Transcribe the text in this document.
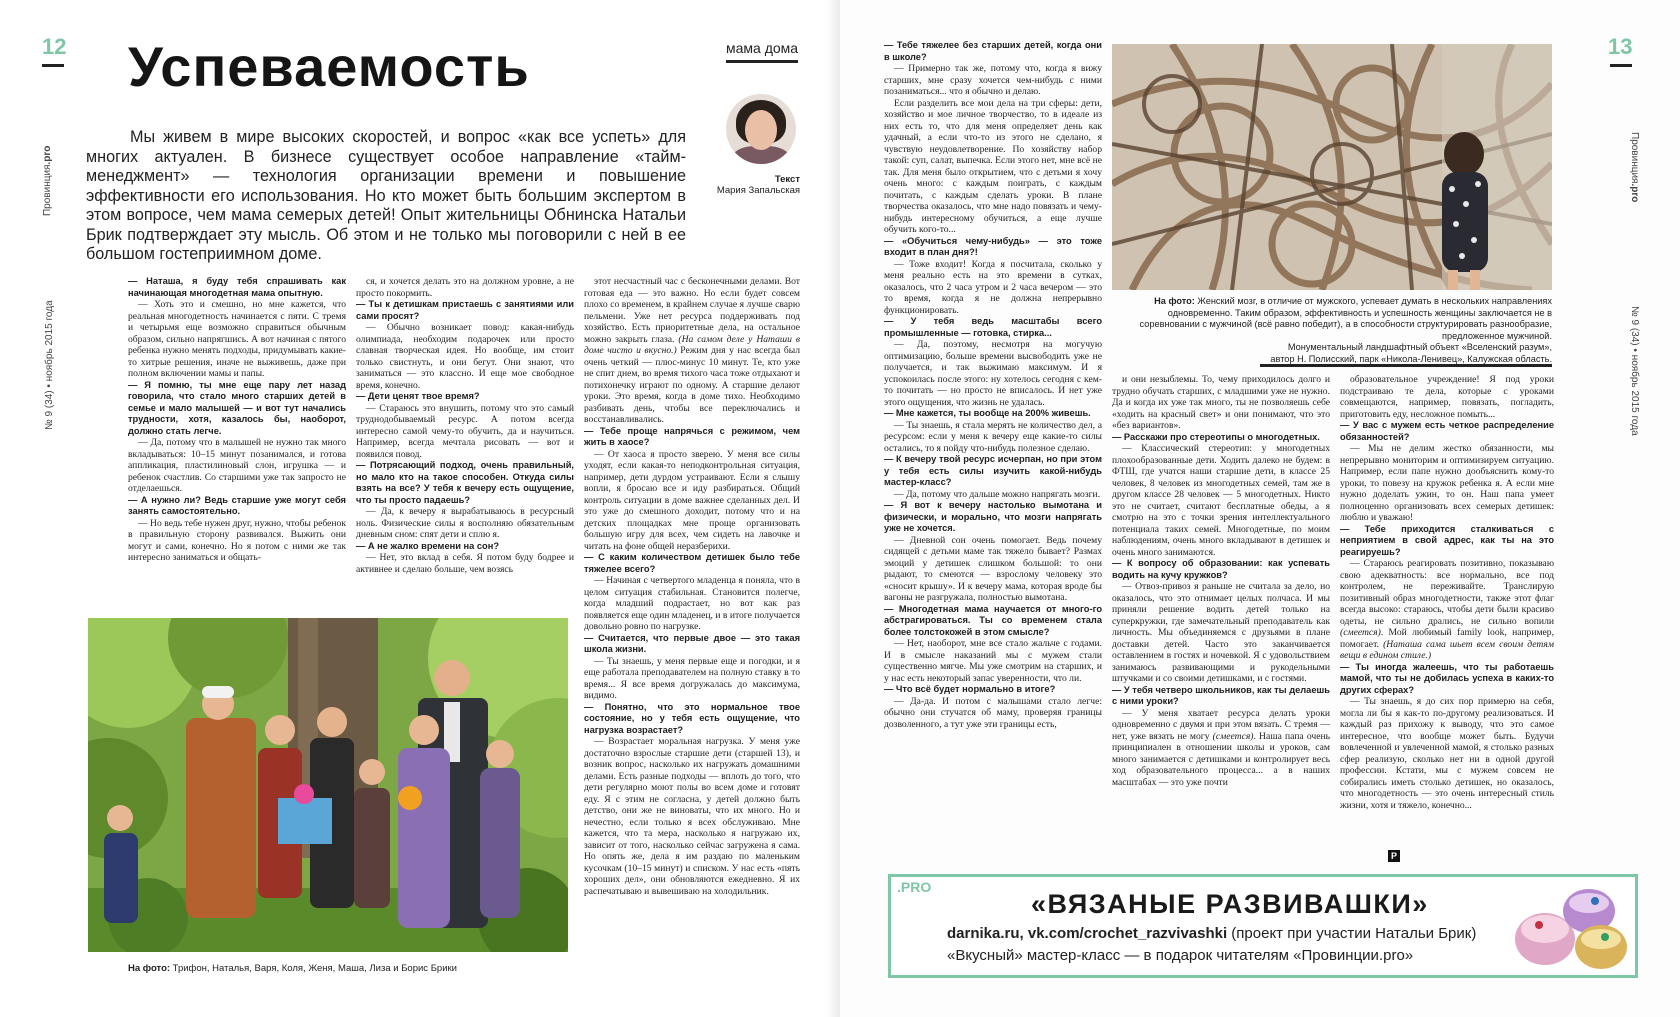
12
Провинция.pro
№ 9 (34) • ноябрь 2015 года
Успеваемость	мама дома
Текст
Мария Запальская
Мы живем в мире высоких скоростей, и вопрос «как все успеть» для многих актуален. В бизнесе существует особое направление «тайм-менеджмент» — технология организации времени и повышение эффективности его использования. Но кто может быть большим экспертом в этом вопросе, чем мама семерых детей! Опыт жительницы Обнинска Натальи Брик подтверждает эту мысль. Об этом и не только мы поговорили с ней в ее большом гостеприимном доме.

— Наташа, я буду тебя спрашивать как начинающая многодетная мама опытную.

— Хоть это и смешно, но мне кажется, что реальная многодетность начинается с пяти. С тремя и четырьмя еще возможно справиться обычным образом, сильно напрягшись. А вот начиная с пятого ребенка нужно менять подходы, придумывать какие-то хитрые решения, иначе не выживешь, даже при полном включении мамы и папы.

— Я помню, ты мне еще пару лет назад говорила, что стало много старших детей в семье и мало малышей — и вот тут начались трудности, хотя, казалось бы, наоборот, должно стать легче.

— Да, потому что в малышей не нужно так много вкладываться: 10–15 минут позанимался, и готова аппликация, пластилиновый слон, игрушка — и ребенок счастлив. Со старшими уже так запросто не отделаешься.

— А нужно ли? Ведь старшие уже могут себя занять самостоятельно.

— Но ведь тебе нужен друг, нужно, чтобы ребенок в правильную сторону развивался. Выжить они могут и сами, конечно. Но я потом с ними же так интересно заниматься и общать-

ся, и хочется делать это на должном уровне, а не просто покормить.

— Ты к детишкам пристаешь с занятиями или сами просят?

— Обычно возникает повод: какая-нибудь олимпиада, необходим подарочек или просто славная творческая идея. Но вообще, им стоит только свистнуть, и они бегут. Они знают, что заниматься — это классно. И еще мое свободное время, конечно.

— Дети ценят твое время?

— Стараюсь это внушить, потому что это самый труднодобываемый ресурс. А потом всегда интересно самой чему-то обучить, да и научиться. Например, всегда мечтала рисовать — вот и появился повод.

— Потрясающий подход, очень правильный, но мало кто на такое способен. Откуда силы взять на все? У тебя к вечеру есть ощущение, что ты просто падаешь?

— Да, к вечеру я вырабатываюсь в ресурсный ноль. Физические силы я восполняю обязательным дневным сном: спят дети и сплю я.

— А не жалко времени на сон?

— Нет, это вклад в себя. Я потом буду бодрее и активнее и сделаю больше, чем возясь

этот несчастный час с бесконечными делами. Вот готовая еда — это важно. Но если будет совсем плохо со временем, в крайнем случае я лучше сварю пельмени. Уже нет ресурса поддерживать под хозяйство. Есть приоритетные дела, на остальное можно закрыть глаза. (На самом деле у Наташи в доме чисто и вкусно.) Режим дня у нас всегда был очень четкий — плюс-минус 10 минут. Те, кто уже не спит днем, во время тихого часа тоже отдыхают и потихонечку играют по одному. А старшие делают уроки. Это время, когда в доме тихо. Необходимо разбивать день, чтобы все переключались и восстанавливались.

— Тебе проще напрячься с режимом, чем жить в хаосе?

— От хаоса я просто зверею. У меня все силы уходят, если какая-то неподконтрольная ситуация, например, дети дурдом устраивают. Если я слышу вопли, я бросаю все и иду разбираться. Общий контроль ситуации в доме важнее сделанных дел. И это уже до смешного доходит, потому что и на детских площадках мне проще организовать большую игру для всех, чем сидеть на лавочке и читать на фоне общей неразберихи.

— С каким количеством детишек было тебе тяжелее всего?

— Начиная с четвертого младенца я поняла, что в целом ситуация стабильная. Становится полегче, когда младший подрастает, но вот как раз появляется еще один младенец, и в итоге получается довольно ровно по нагрузке.

— Считается, что первые двое — это такая школа жизни.

— Ты знаешь, у меня первые еще и погодки, и я еще работала преподавателем на полную ставку в то время... Я все время догружалась до максимума, видимо.

— Понятно, что это нормальное твое состояние, но у тебя есть ощущение, что нагрузка возрастает?

— Возрастает моральная нагрузка. У меня уже достаточно взрослые старшие дети (старшей 13), и возник вопрос, насколько их нагружать домашними делами. Есть разные подходы — вплоть до того, что дети регулярно моют полы во всем доме и готовят еду. Я с этим не согласна, у детей должно быть детство, они же не виноваты, что их много. Но и нечестно, если только я всех обслуживаю. Мне кажется, что та мера, насколько я нагружаю их, зависит от того, насколько сейчас загружена я сама. Но опять же, дела я им раздаю по маленьким кусочкам (10–15 минут) и списком. У нас есть «пять хороших дел», они обновляются ежедневно. Я их распечатываю и вывешиваю на холодильник.

На фото: Трифон, Наталья, Варя, Коля, Женя, Маша, Лиза и Борис Брики
13
Провинция.pro
№ 9 (34) • ноябрь 2015 года

— Тебе тяжелее без старших детей, когда они в школе?

— Примерно так же, потому что, когда я вижу старших, мне сразу хочется чем-нибудь с ними позаниматься... что я обычно и делаю.

Если разделить все мои дела на три сферы: дети, хозяйство и мое личное творчество, то в идеале из них есть то, что для меня определяет день как удачный, а если что-то из этого не сделано, я чувствую неудовлетворение. По хозяйству набор такой: суп, салат, выпечка. Если этого нет, мне всё не так. Для меня было открытием, что с детьми я хочу очень много: с каждым поиграть, с каждым почитать, с каждым сделать уроки. В плане творчества оказалось, что мне надо повязать и чему-нибудь интересному обучиться, а еще лучше обучить кого-то...

— «Обучиться чему-нибудь» — это тоже входит в план дня?!

— Тоже входит! Когда я посчитала, сколько у меня реально есть на это времени в сутках, оказалось, что 2 часа утром и 2 часа вечером — это то время, когда я не должна непрерывно функционировать.

— У тебя ведь масштабы всего промышленные — готовка, стирка...

— Да, поэтому, несмотря на могучую оптимизацию, больше времени высвободить уже не получается, и так выжимаю максимум. И я успокоилась после этого: ну хотелось сегодня с кем-то почитать — но просто не вписалось. И нет уже этого ощущения, что жизнь не удалась.

— Мне кажется, ты вообще на 200% живешь.

— Ты знаешь, я стала мерять не количество дел, а ресурсом: если у меня к вечеру еще какие-то силы остались, то я пойду что-нибудь полезное сделаю.

— К вечеру твой ресурс исчерпан, но при этом у тебя есть силы изучить какой-нибудь мастер-класс?

— Да, потому что дальше можно напрягать мозги.

— Я вот к вечеру настолько вымотана и физически, и морально, что мозги напрягать уже не хочется.

— Дневной сон очень помогает. Ведь почему сидящей с детьми маме так тяжело бывает? Размах эмоций у детишек слишком большой: то они рыдают, то смеются — взрослому человеку это «сносит крышу». И к вечеру мама, которая вроде бы вагоны не разгружала, полностью вымотана.

— Многодетная мама научается от много-го абстрагироваться. Ты со временем стала более толстокожей в этом смысле?

— Нет, наоборот, мне все стало жальче с годами. И в смысле наказаний мы с мужем стали существенно мягче. Мы уже смотрим на старших, и у нас есть некоторый запас уверенности, что ли.

— Что всё будет нормально в итоге?

— Да-да. И потом с малышами стало легче: обычно они стучатся об маму, проверяя границы дозволенного, а тут уже эти границы есть,

и они незыблемы. То, чему приходилось долго и трудно обучать старших, с младшими уже не нужно. Да и когда их уже так много, ты не позволяешь себе «ходить на красный свет» и они понимают, что это «без вариантов».

— Расскажи про стереотипы о многодетных.

— Классический стереотип: у многодетных плохообразованные дети. Ходить далеко не будем: в ФТШ, где учатся наши старшие дети, в классе 25 человек, 8 человек из многодетных семей, там же в другом классе 28 человек — 5 многодетных. Никто это не считает, считают бесплатные обеды, а я смотрю на это с точки зрения интеллектуального потенциала таких семей. Многодетные, по моим наблюдениям, очень много вкладывают в детишек и очень много занимаются.

— К вопросу об образовании: как успевать водить на кучу кружков?

— Отвоз-привоз я раньше не считала за дело, но оказалось, что это отнимает целых полчаса. И мы приняли решение водить детей только на суперкружки, где замечательный преподаватель как личность. Мы объединяемся с друзьями в плане доставки детей. Часто это заканчивается оставлением в гостях и ночевкой. Я с удовольствием занимаюсь развивающими и рукодельными штучками и со своими детишками, и с гостями.

— У тебя четверо школьников, как ты делаешь с ними уроки?

— У меня хватает ресурса делать уроки одновременно с двумя и при этом вязать. С тремя — нет, уже вязать не могу (смеется). Наша папа очень принципиален в отношении школы и уроков, сам много занимается с детишками и контролирует весь ход образовательного процесса... а в наших масштабах — это уже почти

образовательное учреждение! Я под уроки подстраиваю те дела, которые с уроками совмещаются, например, повязать, погладить, приготовить еду, несложное помыть...

— У вас с мужем есть четкое распределение обязанностей?

— Мы не делим жестко обязанности, мы непрерывно мониторим и оптимизируем ситуацию. Например, если папе нужно дообъяснить кому-то уроки, то повезу на кружок ребенка я. А если мне нужно доделать ужин, то он. Наш папа умеет полноценно организовать всех семерых детишек: люблю и уважаю!

— Тебе приходится сталкиваться с неприятием в свой адрес, как ты на это реагируешь?

— Стараюсь реагировать позитивно, показываю свою адекватность: все нормально, все под контролем, не переживайте. Транслирую позитивный образ многодетности, также этот флаг всегда высоко: стараюсь, чтобы дети были красиво одеты, не сильно дрались, не сильно вопили (смеется). Мой любимый family look, например, помогает. (Наташа сама шьет всем своим детям вещи в едином стиле.)

— Ты иногда жалеешь, что ты работаешь мамой, что ты не добилась успеха в каких-то других сферах?

— Ты знаешь, я до сих пор примерю на себя, могла ли бы я как-то по-другому реализоваться. И каждый раз прихожу к выводу, что это самое интересное, что вообще может быть. Будучи вовлеченной и увлеченной мамой, я столько разных сфер реализую, сколько нет ни в одной другой профессии. Кстати, мы с мужем совсем не собирались иметь столько детишек, но оказалось, что многодетность — это очень интересный стиль жизни, хотя и тяжело, конечно...

P
На фото: Женский мозг, в отличие от мужского, успевает думать в нескольких направлениях одновременно. Таким образом, эффективность и успешность женщины заключается не в соревновании с мужчиной (всё равно победит), а в способности структурировать разнообразие, предложенное мужчиной.
Монументальный ландшафтный объект «Вселенский разум»,
автор Н. Полисский, парк «Никола-Ленивец», Калужская область.
.PRO
«ВЯЗАНЫЕ РАЗВИВАШКИ»
darnika.ru, vk.com/crochet_razvivashki (проект при участии Натальи Брик)
«Вкусный» мастер-класс — в подарок читателям «Провинции.pro»
